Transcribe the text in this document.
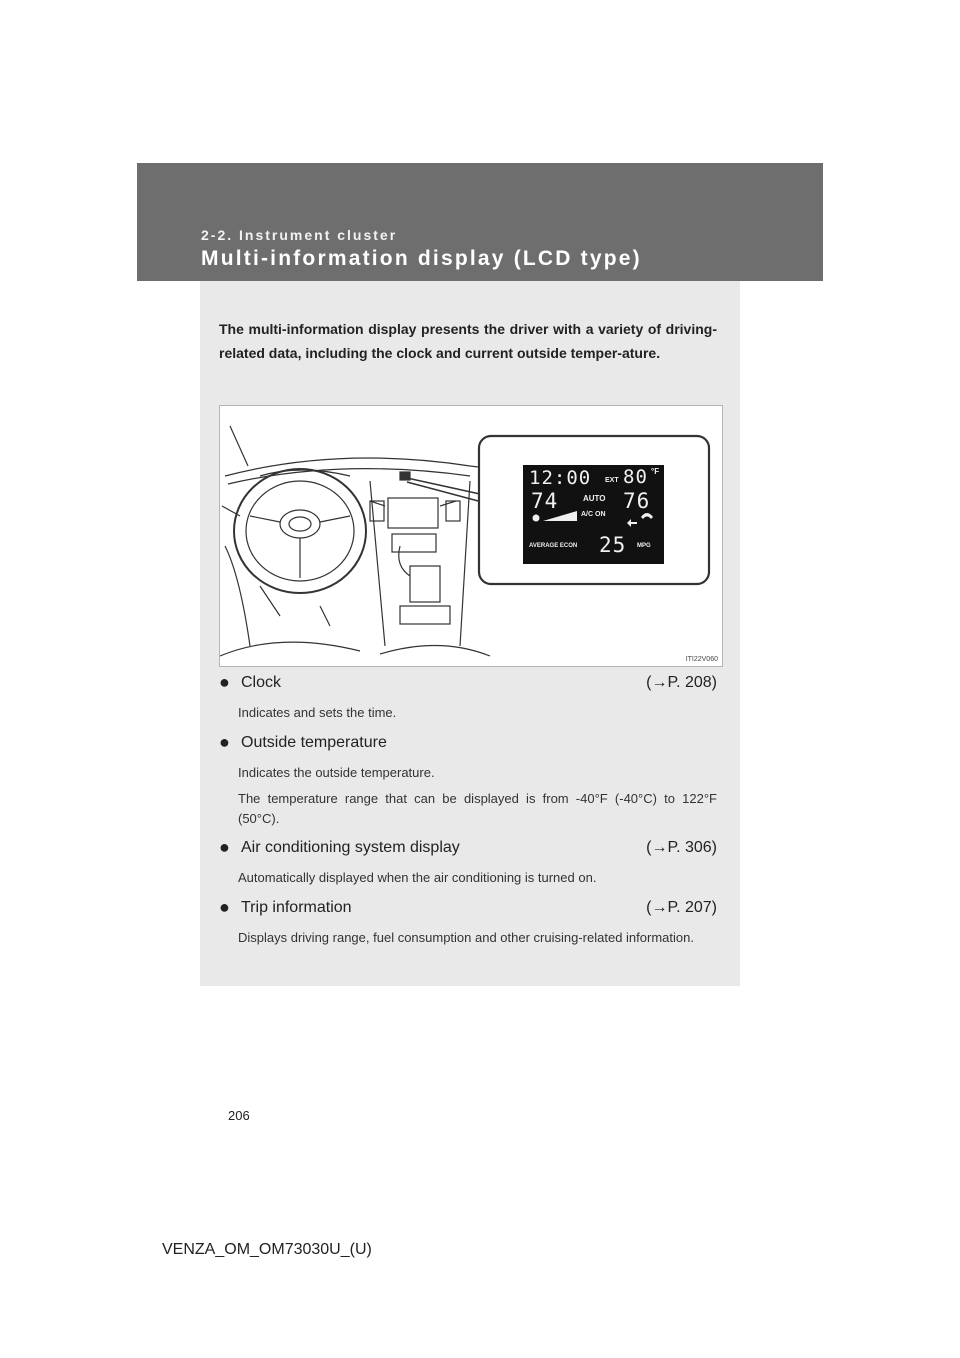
2-2. Instrument cluster
Multi-information display (LCD type)
The multi-information display presents the driver with a variety of driving-related data, including the clock and current outside temper-ature.
12:00 EXT 80 °F
74	AUTO 76
A/C ON
AVERAGE ECON 25 MPG
ITI22V060
● Clock	(→P. 208)

Indicates and sets the time.

● Outside temperature

Indicates the outside temperature.

The temperature range that can be displayed is from -40°F (-40°C) to 122°F (50°C).

● Air conditioning system display	(→P. 306)

Automatically displayed when the air conditioning is turned on.

● Trip information	(→P. 207)

Displays driving range, fuel consumption and other cruising-related information.

206
VENZA_OM_OM73030U_(U)
